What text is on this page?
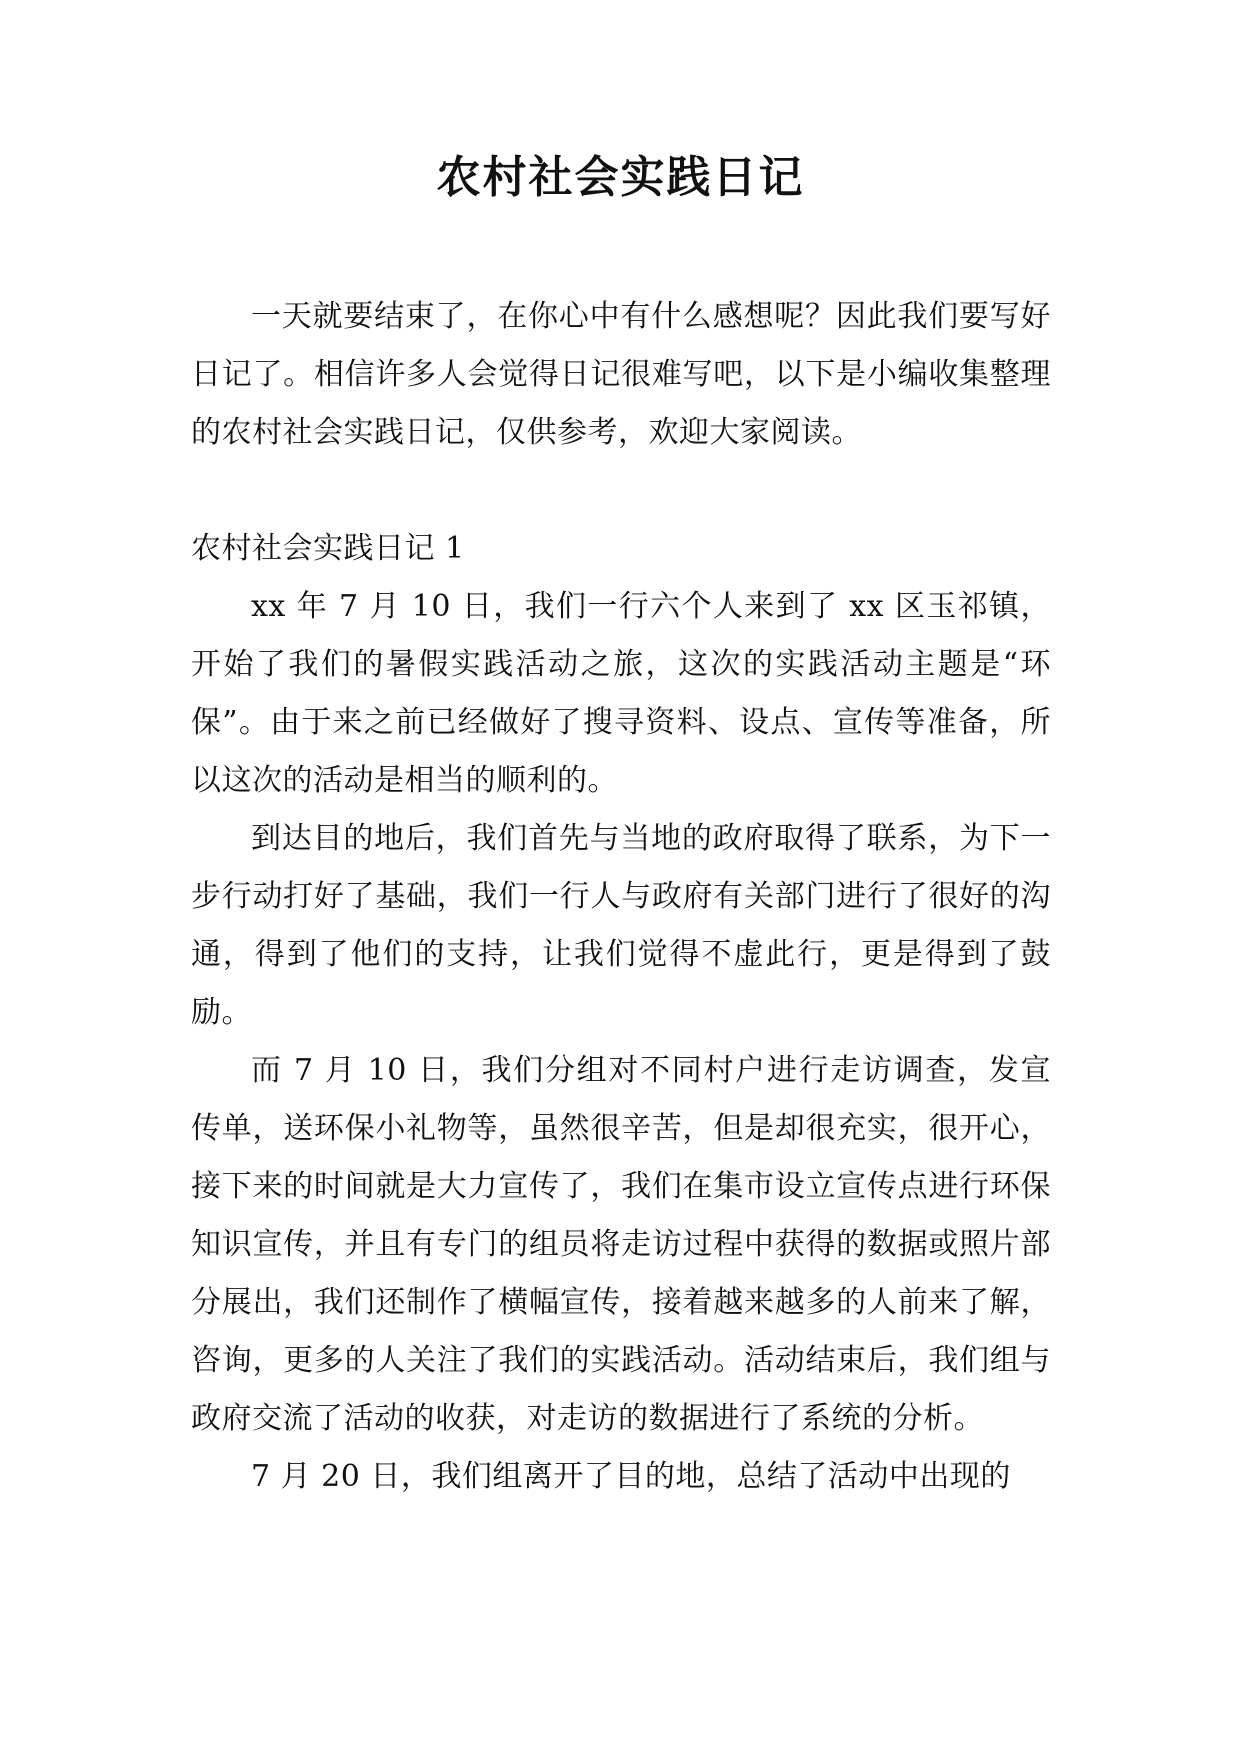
农村社会实践日记

一天就要结束了，在你心中有什么感想呢？因此我们要写好日记了。相信许多人会觉得日记很难写吧，以下是小编收集整理的农村社会实践日记，仅供参考，欢迎大家阅读。

农村社会实践日记 1

xx 年 7 月 10 日，我们一行六个人来到了 xx 区玉祁镇，开始了我们的暑假实践活动之旅，这次的实践活动主题是“环保”。由于来之前已经做好了搜寻资料、设点、宣传等准备，所以这次的活动是相当的顺利的。

到达目的地后，我们首先与当地的政府取得了联系，为下一步行动打好了基础，我们一行人与政府有关部门进行了很好的沟通，得到了他们的支持，让我们觉得不虚此行，更是得到了鼓励。

而 7 月 10 日，我们分组对不同村户进行走访调查，发宣传单，送环保小礼物等，虽然很辛苦，但是却很充实，很开心，接下来的时间就是大力宣传了，我们在集市设立宣传点进行环保知识宣传，并且有专门的组员将走访过程中获得的数据或照片部分展出，我们还制作了横幅宣传，接着越来越多的人前来了解，咨询，更多的人关注了我们的实践活动。活动结束后，我们组与政府交流了活动的收获，对走访的数据进行了系统的分析。

7 月 20 日，我们组离开了目的地，总结了活动中出现的
